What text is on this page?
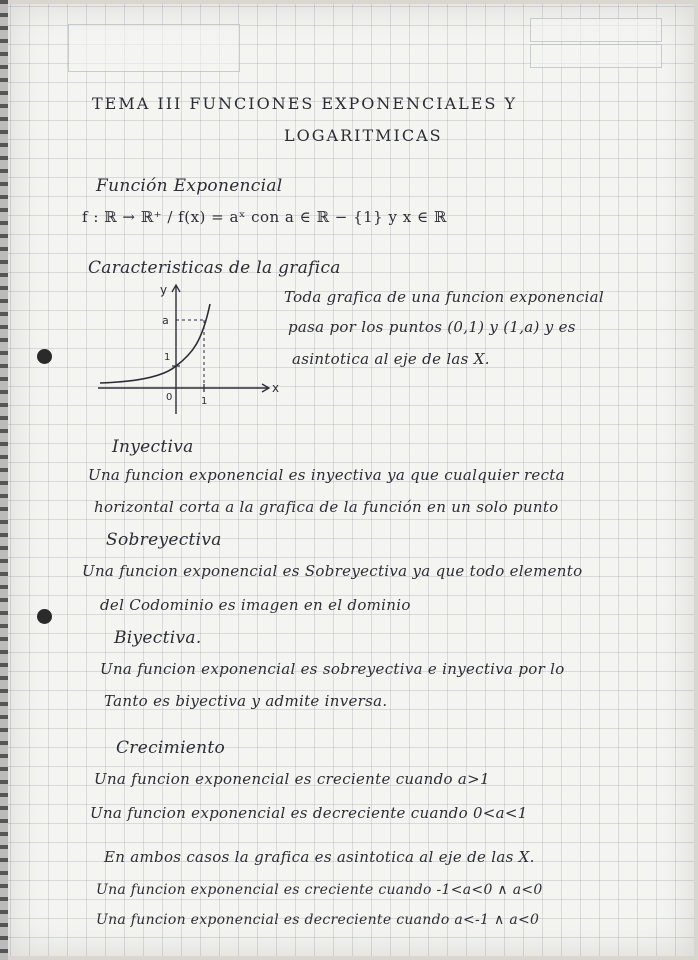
TEMA III FUNCIONES EXPONENCIALES Y
LOGARITMICAS
Función Exponencial
f : ℝ → ℝ⁺ / f(x) = aˣ con a ∈ ℝ − {1} y x ∈ ℝ
Caracteristicas de la grafica
Toda grafica de una funcion exponencial
pasa por los puntos (0,1) y (1,a) y es
asintotica al eje de las X.
x
y
0	1
1
a
Inyectiva
Una funcion exponencial es inyectiva ya que cualquier recta
horizontal corta a la grafica de la función en un solo punto
Sobreyectiva
Una funcion exponencial es Sobreyectiva ya que todo elemento
del Codominio es imagen en el dominio
Biyectiva.
Una funcion exponencial es sobreyectiva e inyectiva por lo
Tanto es biyectiva y admite inversa.
Crecimiento
Una funcion exponencial es creciente cuando a>1
Una funcion exponencial es decreciente cuando 0<a<1
En ambos casos la grafica es asintotica al eje de las X.
Una funcion exponencial es creciente cuando -1<a<0 ∧ a<0
Una funcion exponencial es decreciente cuando a<-1 ∧ a<0
